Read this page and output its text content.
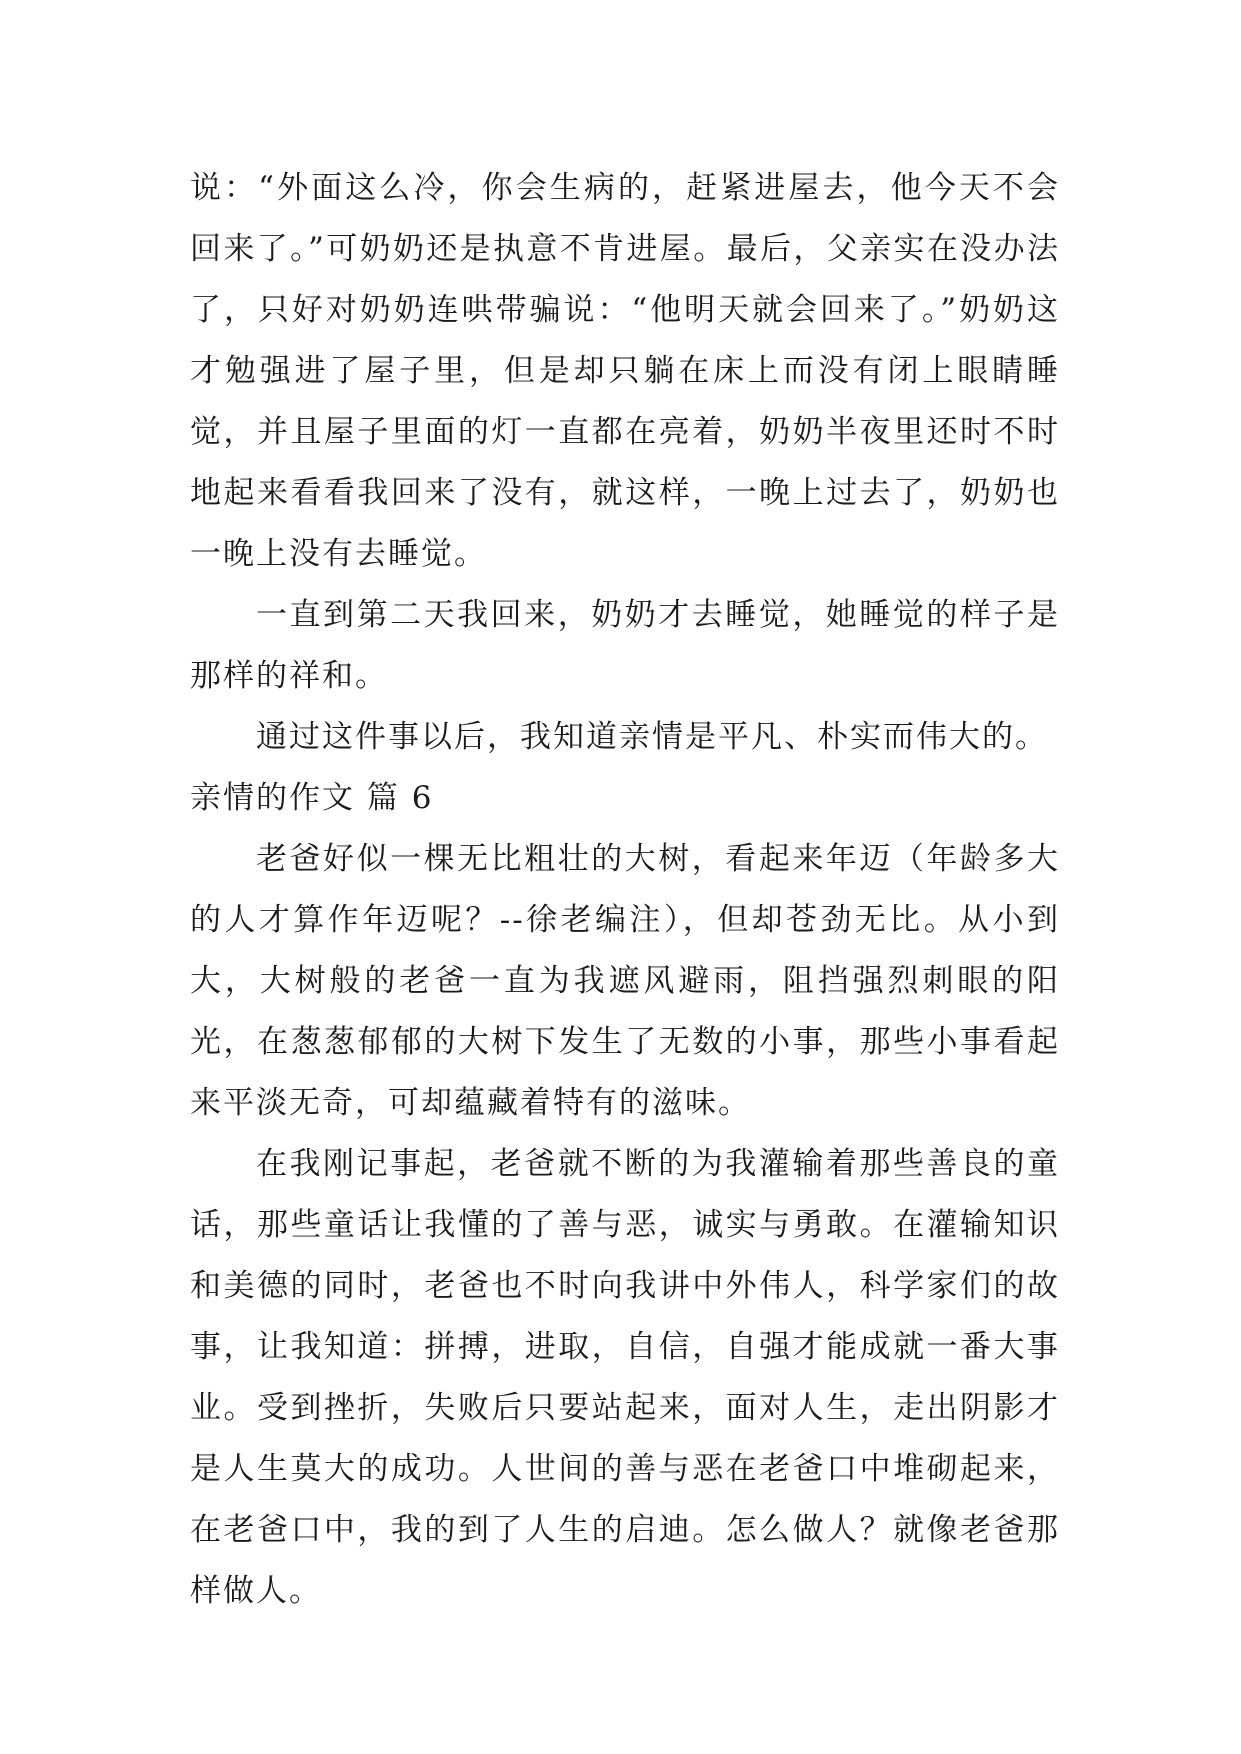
说：“外面这么冷，你会生病的，赶紧进屋去，他今天不会回来了。”可奶奶还是执意不肯进屋。最后，父亲实在没办法了，只好对奶奶连哄带骗说：“他明天就会回来了。”奶奶这才勉强进了屋子里，但是却只躺在床上而没有闭上眼睛睡觉，并且屋子里面的灯一直都在亮着，奶奶半夜里还时不时地起来看看我回来了没有，就这样，一晚上过去了，奶奶也一晚上没有去睡觉。

一直到第二天我回来，奶奶才去睡觉，她睡觉的样子是那样的祥和。

通过这件事以后，我知道亲情是平凡、朴实而伟大的。

亲情的作文 篇 6

老爸好似一棵无比粗壮的大树，看起来年迈（年龄多大的人才算作年迈呢？--徐老编注），但却苍劲无比。从小到大，大树般的老爸一直为我遮风避雨，阻挡强烈刺眼的阳光，在葱葱郁郁的大树下发生了无数的小事，那些小事看起来平淡无奇，可却蕴藏着特有的滋味。

在我刚记事起，老爸就不断的为我灌输着那些善良的童话，那些童话让我懂的了善与恶，诚实与勇敢。在灌输知识和美德的同时，老爸也不时向我讲中外伟人，科学家们的故事，让我知道：拼搏，进取，自信，自强才能成就一番大事业。受到挫折，失败后只要站起来，面对人生，走出阴影才是人生莫大的成功。人世间的善与恶在老爸口中堆砌起来，在老爸口中，我的到了人生的启迪。怎么做人？就像老爸那样做人。
